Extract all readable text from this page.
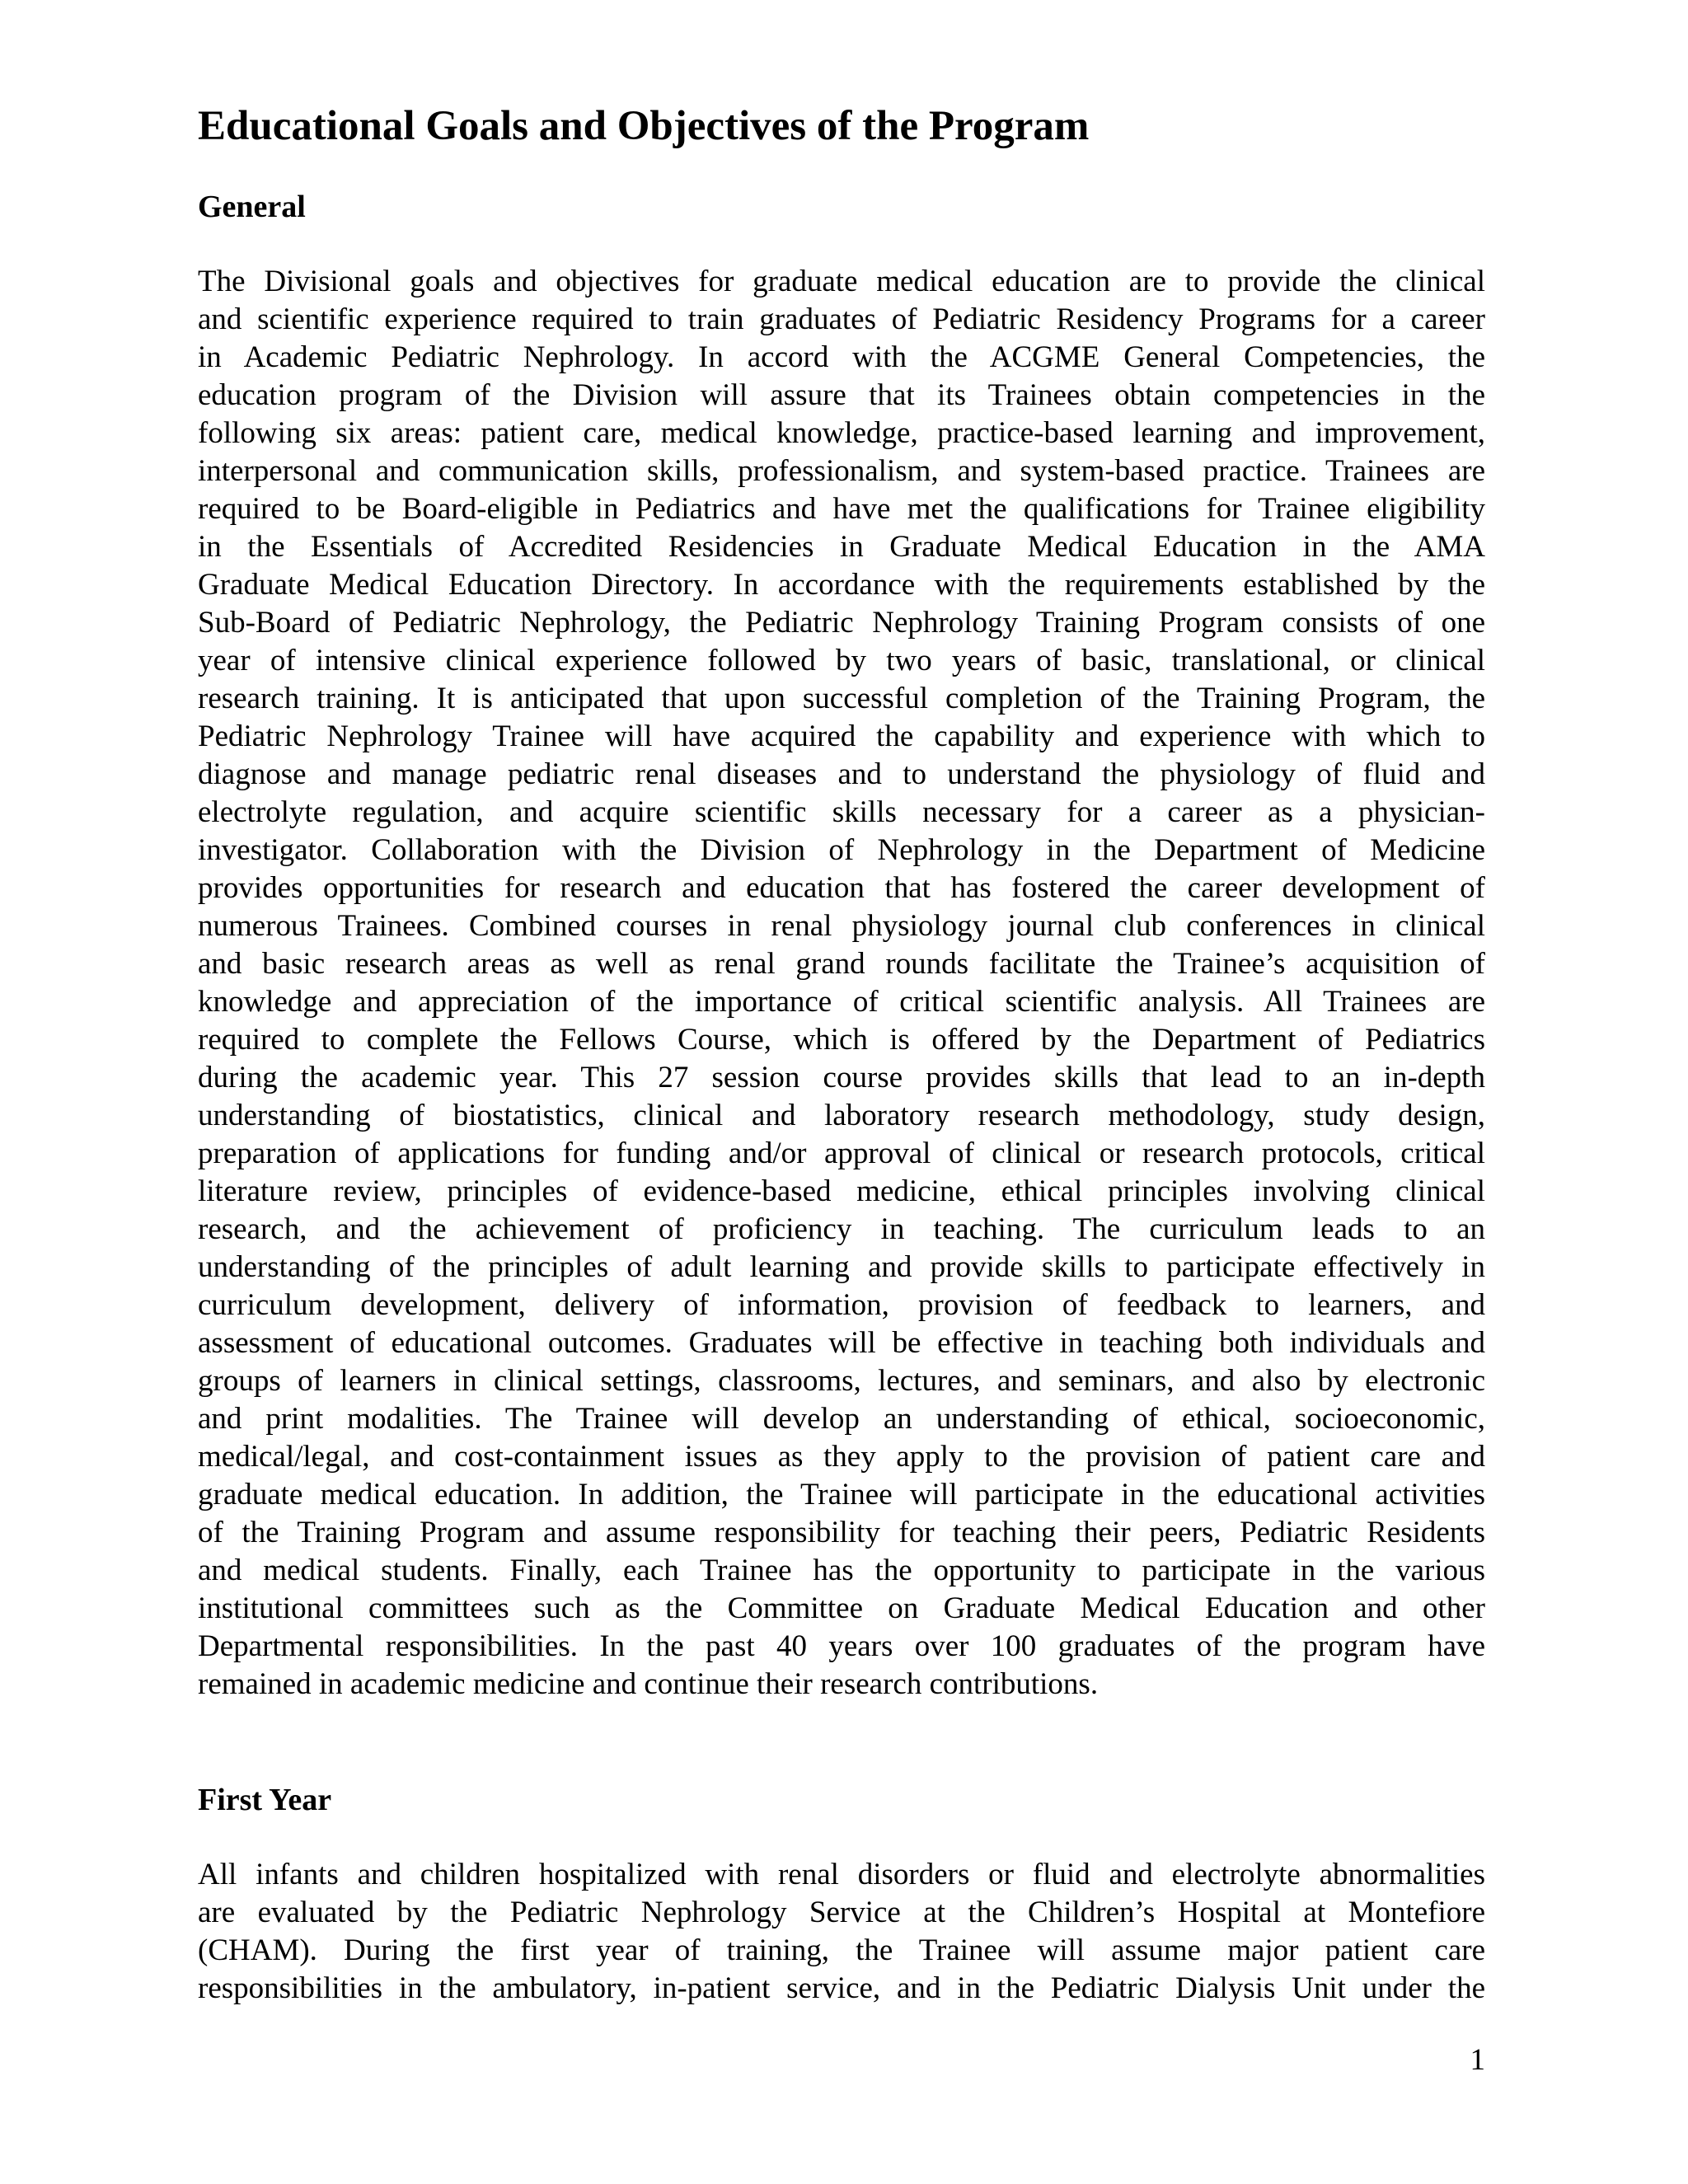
Educational Goals and Objectives of the Program
General
The Divisional goals and objectives for graduate medical education are to provide the clinical
and scientific experience required to train graduates of Pediatric Residency Programs for a career
in Academic Pediatric Nephrology. In accord with the ACGME General Competencies, the
education program of the Division will assure that its Trainees obtain competencies in the
following six areas: patient care, medical knowledge, practice-based learning and improvement,
interpersonal and communication skills, professionalism, and system-based practice. Trainees are
required to be Board-eligible in Pediatrics and have met the qualifications for Trainee eligibility
in the Essentials of Accredited Residencies in Graduate Medical Education in the AMA
Graduate Medical Education Directory. In accordance with the requirements established by the
Sub-Board of Pediatric Nephrology, the Pediatric Nephrology Training Program consists of one
year of intensive clinical experience followed by two years of basic, translational, or clinical
research training. It is anticipated that upon successful completion of the Training Program, the
Pediatric Nephrology Trainee will have acquired the capability and experience with which to
diagnose and manage pediatric renal diseases and to understand the physiology of fluid and
electrolyte regulation, and acquire scientific skills necessary for a career as a physician-
investigator. Collaboration with the Division of Nephrology in the Department of Medicine
provides opportunities for research and education that has fostered the career development of
numerous Trainees. Combined courses in renal physiology journal club conferences in clinical
and basic research areas as well as renal grand rounds facilitate the Trainee’s acquisition of
knowledge and appreciation of the importance of critical scientific analysis. All Trainees are
required to complete the Fellows Course, which is offered by the Department of Pediatrics
during the academic year. This 27 session course provides skills that lead to an in-depth
understanding of biostatistics, clinical and laboratory research methodology, study design,
preparation of applications for funding and/or approval of clinical or research protocols, critical
literature review, principles of evidence-based medicine, ethical principles involving clinical
research, and the achievement of proficiency in teaching. The curriculum leads to an
understanding of the principles of adult learning and provide skills to participate effectively in
curriculum development, delivery of information, provision of feedback to learners, and
assessment of educational outcomes. Graduates will be effective in teaching both individuals and
groups of learners in clinical settings, classrooms, lectures, and seminars, and also by electronic
and print modalities. The Trainee will develop an understanding of ethical, socioeconomic,
medical/legal, and cost-containment issues as they apply to the provision of patient care and
graduate medical education. In addition, the Trainee will participate in the educational activities
of the Training Program and assume responsibility for teaching their peers, Pediatric Residents
and medical students. Finally, each Trainee has the opportunity to participate in the various
institutional committees such as the Committee on Graduate Medical Education and other
Departmental responsibilities. In the past 40 years over 100 graduates of the program have
remained in academic medicine and continue their research contributions.
First Year
All infants and children hospitalized with renal disorders or fluid and electrolyte abnormalities
are evaluated by the Pediatric Nephrology Service at the Children’s Hospital at Montefiore
(CHAM). During the first year of training, the Trainee will assume major patient care
responsibilities in the ambulatory, in-patient service, and in the Pediatric Dialysis Unit under the
1
